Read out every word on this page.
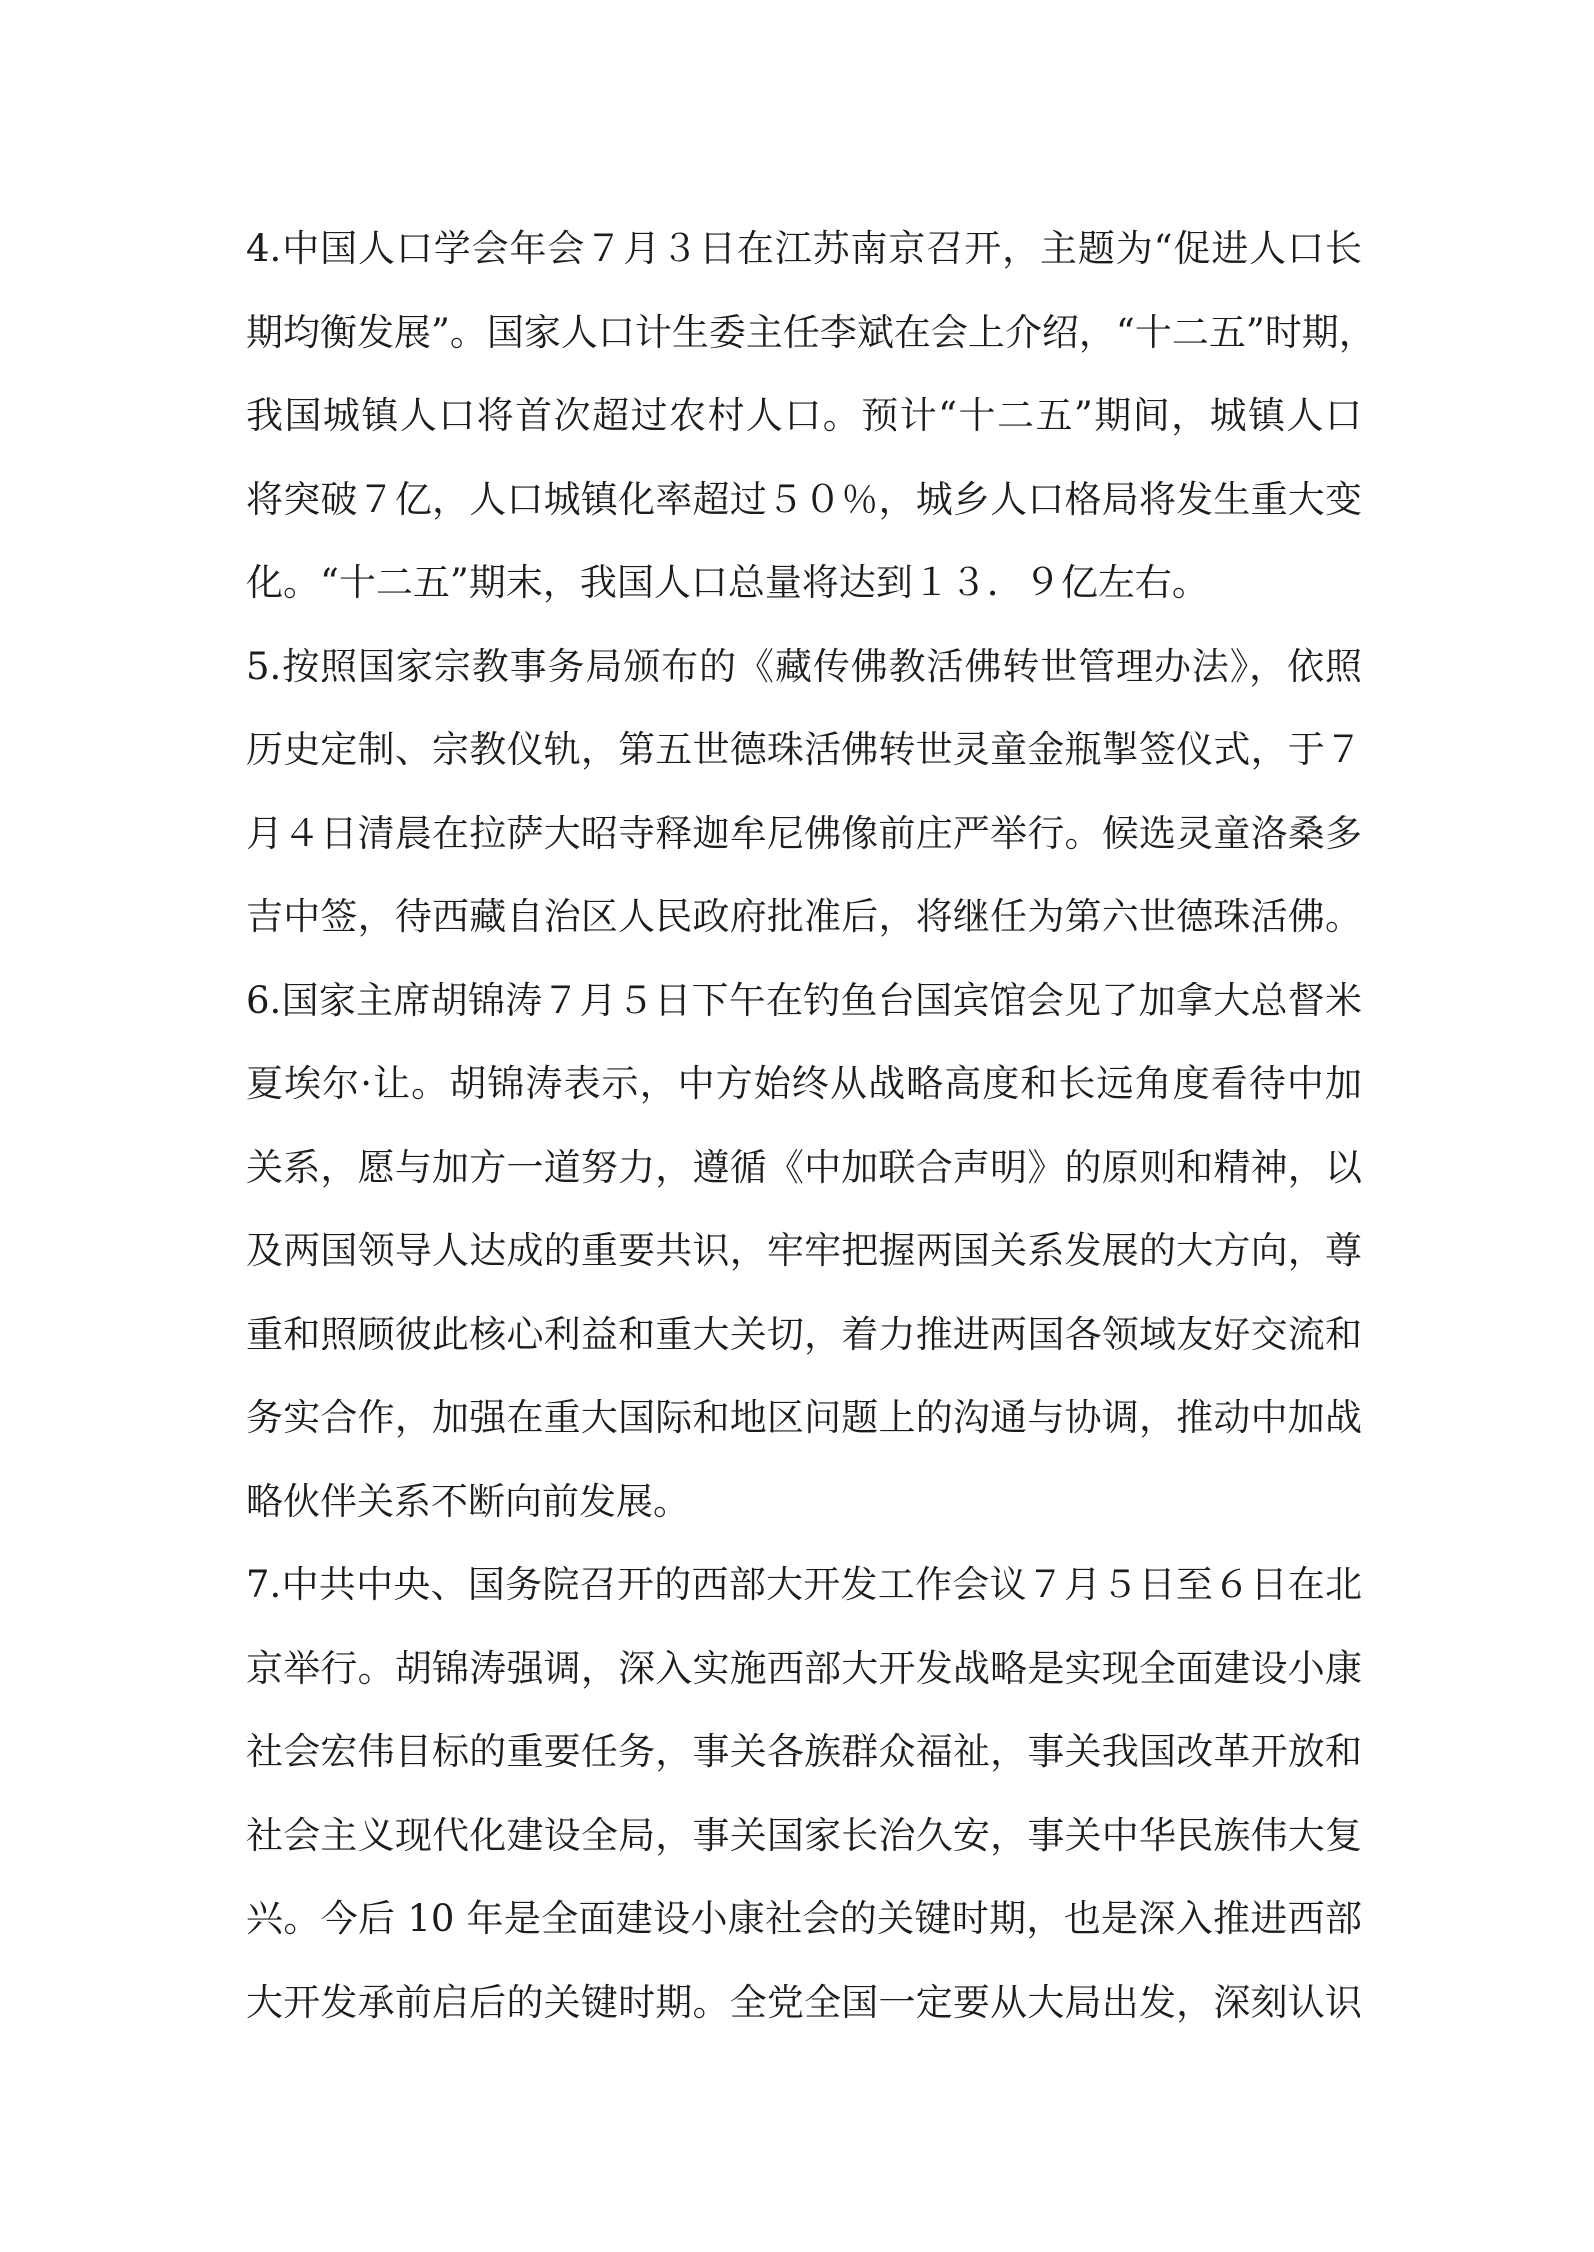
4.中国人口学会年会７月３日在江苏南京召开，主题为“促进人口长
期均衡发展”。国家人口计生委主任李斌在会上介绍，“十二五”时期，
我国城镇人口将首次超过农村人口。预计“十二五”期间，城镇人口
将突破７亿，人口城镇化率超过５０％，城乡人口格局将发生重大变
化。“十二五”期末，我国人口总量将达到１３．９亿左右。
5.按照国家宗教事务局颁布的《藏传佛教活佛转世管理办法》，依照
历史定制、宗教仪轨，第五世德珠活佛转世灵童金瓶掣签仪式，于７
月４日清晨在拉萨大昭寺释迦牟尼佛像前庄严举行。候选灵童洛桑多
吉中签，待西藏自治区人民政府批准后，将继任为第六世德珠活佛。
6.国家主席胡锦涛７月５日下午在钓鱼台国宾馆会见了加拿大总督米
夏埃尔·让。胡锦涛表示，中方始终从战略高度和长远角度看待中加
关系，愿与加方一道努力，遵循《中加联合声明》的原则和精神，以
及两国领导人达成的重要共识，牢牢把握两国关系发展的大方向，尊
重和照顾彼此核心利益和重大关切，着力推进两国各领域友好交流和
务实合作，加强在重大国际和地区问题上的沟通与协调，推动中加战
略伙伴关系不断向前发展。
7.中共中央、国务院召开的西部大开发工作会议７月５日至６日在北
京举行。胡锦涛强调，深入实施西部大开发战略是实现全面建设小康
社会宏伟目标的重要任务，事关各族群众福祉，事关我国改革开放和
社会主义现代化建设全局，事关国家长治久安，事关中华民族伟大复
兴。今后 10 年是全面建设小康社会的关键时期，也是深入推进西部
大开发承前启后的关键时期。全党全国一定要从大局出发，深刻认识
